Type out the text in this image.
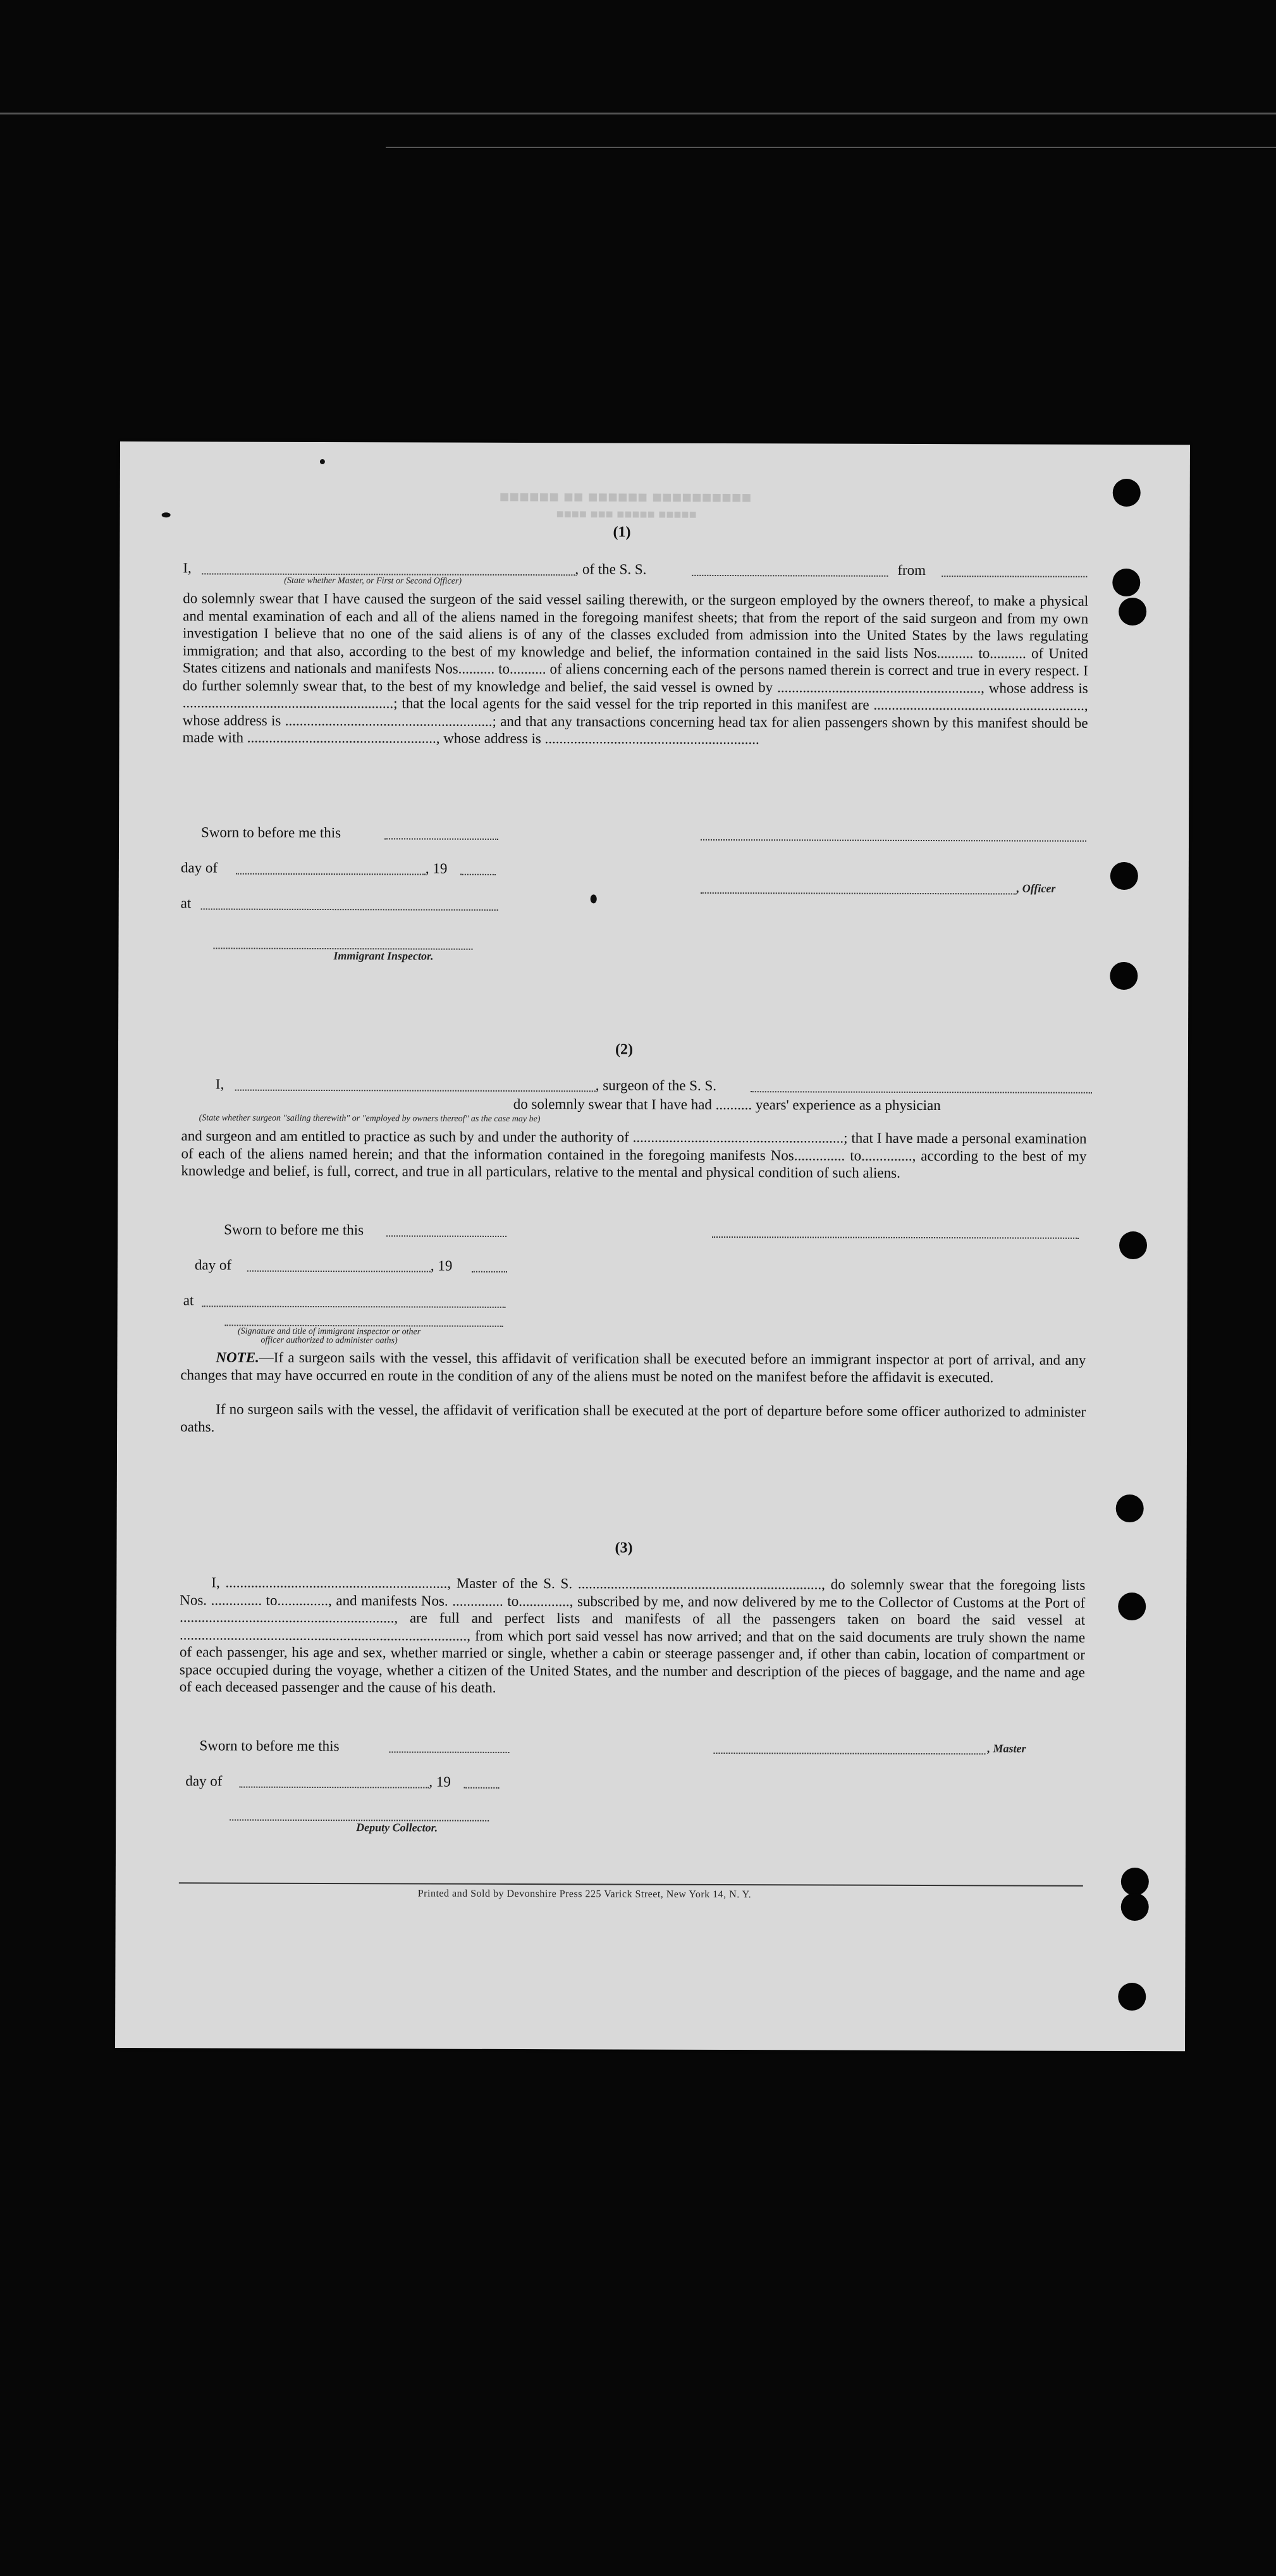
■■■■■■ ■■ ■■■■■■ ■■■■■■■■■■
■■■■ ■■■ ■■■■■ ■■■■■
(1)
I,	, of the S. S.	from
(State whether Master, or First or Second Officer)
do solemnly swear that I have caused the surgeon of the said vessel sailing therewith, or the surgeon employed by the owners thereof, to make a physical and mental examination of each and all of the aliens named in the foregoing manifest sheets; that from the report of the said surgeon and from my own investigation I believe that no one of the said aliens is of any of the classes excluded from admission into the United States by the laws regulating immigration; and that also, according to the best of my knowledge and belief, the information contained in the said lists Nos.......... to.......... of United States citizens and nationals and manifests Nos.......... to.......... of aliens concerning each of the persons named therein is correct and true in every respect. I do further solemnly swear that, to the best of my knowledge and belief, the said vessel is owned by ........................................................, whose address is ..........................................................; that the local agents for the said vessel for the trip reported in this manifest are .........................................................., whose address is .........................................................; and that any transactions concerning head tax for alien passengers shown by this manifest should be made with ...................................................., whose address is ...........................................................
Sworn to before me this
day of	, 19
at
, Officer
Immigrant Inspector.
(2)
I,	, surgeon of the S. S.
do solemnly swear that I have had .......... years' experience as a physician
(State whether surgeon "sailing therewith" or "employed by owners thereof" as the case may be)
and surgeon and am entitled to practice as such by and under the authority of ..........................................................; that I have made a personal examination of each of the aliens named herein; and that the information contained in the foregoing manifests Nos.............. to.............., according to the best of my knowledge and belief, is full, correct, and true in all particulars, relative to the mental and physical condition of such aliens.
Sworn to before me this
day of	, 19
at
(Signature and title of immigrant inspector or other officer authorized to administer oaths)
NOTE.—If a surgeon sails with the vessel, this affidavit of verification shall be executed before an immigrant inspector at port of arrival, and any changes that may have occurred en route in the condition of any of the aliens must be noted on the manifest before the affidavit is executed.
If no surgeon sails with the vessel, the affidavit of verification shall be executed at the port of departure before some officer authorized to administer oaths.
(3)
I, ............................................................., Master of the S. S. ..................................................................., do solemnly swear that the foregoing lists Nos. .............. to.............., and manifests Nos. .............. to.............., subscribed by me, and now delivered by me to the Collector of Customs at the Port of ..........................................................., are full and perfect lists and manifests of all the passengers taken on board the said vessel at ..............................................................................., from which port said vessel has now arrived; and that on the said documents are truly shown the name of each passenger, his age and sex, whether married or single, whether a cabin or steerage passenger and, if other than cabin, location of compartment or space occupied during the voyage, whether a citizen of the United States, and the number and description of the pieces of baggage, and the name and age of each deceased passenger and the cause of his death.
Sworn to before me this	, Master
day of	, 19
Deputy Collector.
Printed and Sold by Devonshire Press 225 Varick Street, New York 14, N. Y.
